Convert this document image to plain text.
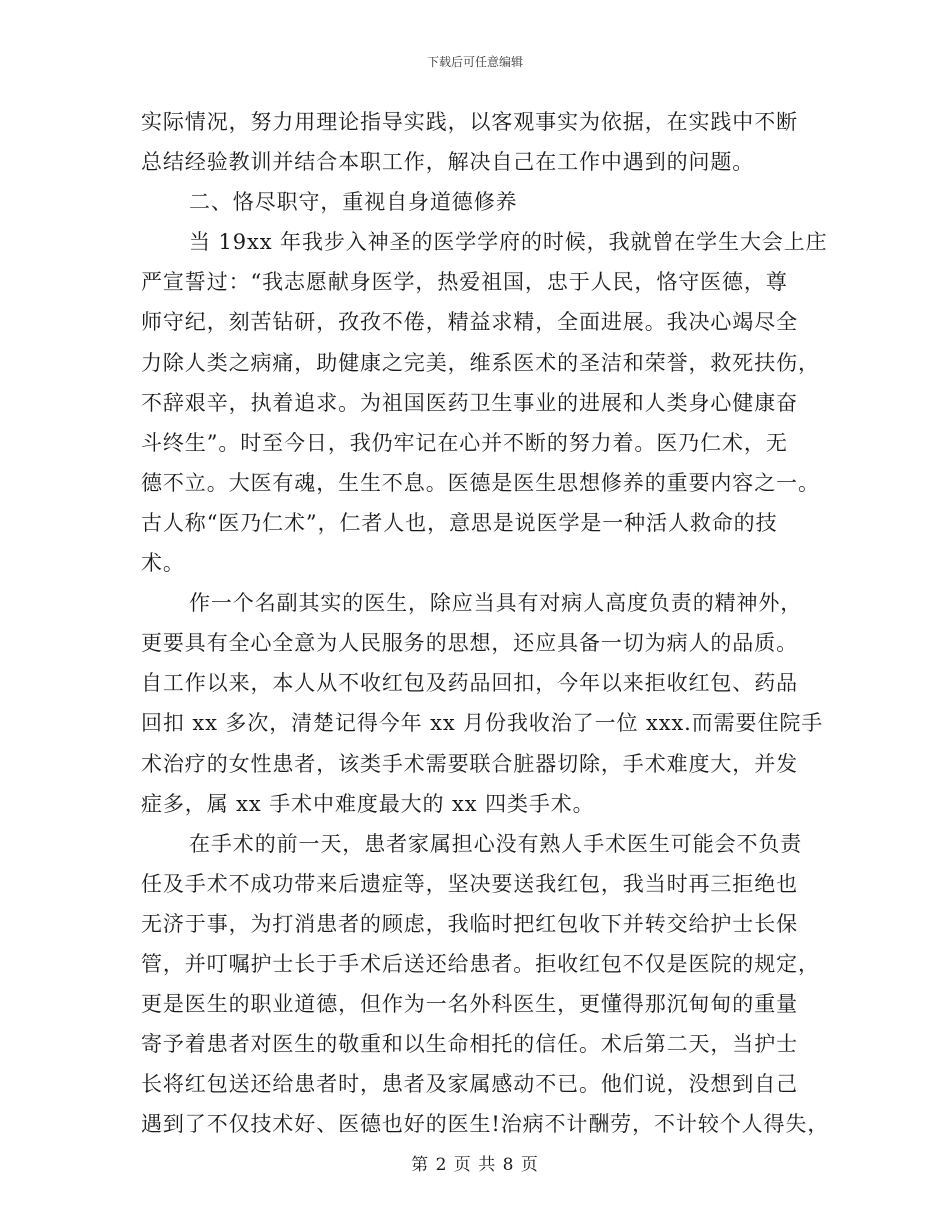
下载后可任意编辑
实际情况，努力用理论指导实践，以客观事实为依据，在实践中不断
总结经验教训并结合本职工作，解决自己在工作中遇到的问题。
二、恪尽职守，重视自身道德修养
当 19xx 年我步入神圣的医学学府的时候，我就曾在学生大会上庄
严宣誓过：“我志愿献身医学，热爱祖国，忠于人民，恪守医德，尊
师守纪，刻苦钻研，孜孜不倦，精益求精，全面进展。我决心竭尽全
力除人类之病痛，助健康之完美，维系医术的圣洁和荣誉，救死扶伤，
不辞艰辛，执着追求。为祖国医药卫生事业的进展和人类身心健康奋
斗终生”。时至今日，我仍牢记在心并不断的努力着。医乃仁术，无
德不立。大医有魂，生生不息。医德是医生思想修养的重要内容之一。
古人称“医乃仁术”，仁者人也，意思是说医学是一种活人救命的技
术。
作一个名副其实的医生，除应当具有对病人高度负责的精神外，
更要具有全心全意为人民服务的思想，还应具备一切为病人的品质。
自工作以来，本人从不收红包及药品回扣，今年以来拒收红包、药品
回扣 xx 多次，清楚记得今年 xx 月份我收治了一位 xxx.而需要住院手
术治疗的女性患者，该类手术需要联合脏器切除，手术难度大，并发
症多，属 xx 手术中难度最大的 xx 四类手术。
在手术的前一天，患者家属担心没有熟人手术医生可能会不负责
任及手术不成功带来后遗症等，坚决要送我红包，我当时再三拒绝也
无济于事，为打消患者的顾虑，我临时把红包收下并转交给护士长保
管，并叮嘱护士长于手术后送还给患者。拒收红包不仅是医院的规定，
更是医生的职业道德，但作为一名外科医生，更懂得那沉甸甸的重量
寄予着患者对医生的敬重和以生命相托的信任。术后第二天，当护士
长将红包送还给患者时，患者及家属感动不已。他们说，没想到自己
遇到了不仅技术好、医德也好的医生!治病不计酬劳，不计较个人得失，
第 2 页 共 8 页
